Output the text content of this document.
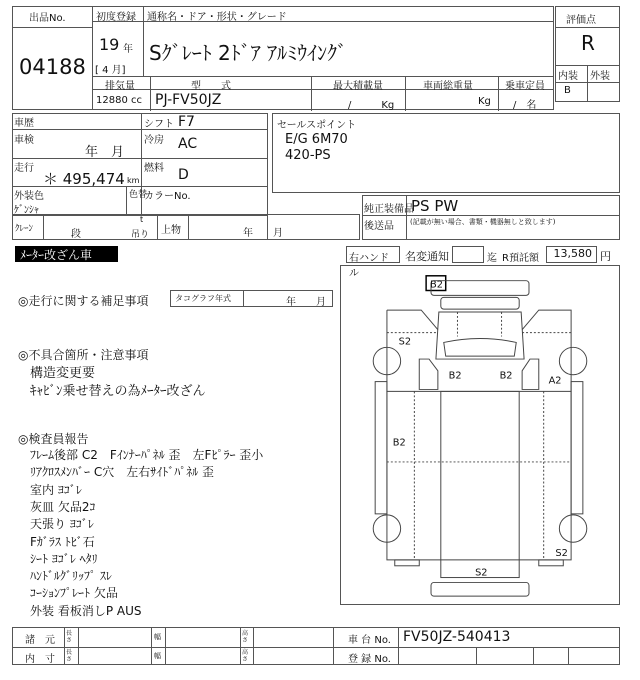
出品No.
04188
初度登録 通称名・ドア・形状・グレード
19 年
[ 4 月]
Sｸﾞﾚｰﾄ 2ﾄﾞｱ ｱﾙﾐｳｲﾝｸﾞ
排気量
12880 cc
型　　式
PJ-FV50JZ
最大積載量
/　　　Kg
車両総重量
Kg
乗車定員
/　名
評価点
R
内装 外装
B
車歴
車検
年　月
走行
＊ 495,474 km
シフト F7
冷房 AC
燃料 D
外装色
ｹﾞﾝｼｬ
色替
カラーNo.
ｸﾚｰﾝ	段
t
吊り 上物	年　　月
セールスポイント
E/G 6M70
420-PS
純正装備品
PS PW
後送品 (記載が無い場合、書類・機器無しと致します)
ﾒｰﾀｰ改ざん車	右ハンドル
名変通知	迄 R預託額	13,580 円
◎走行に関する補足事項	タコグラフ年式	年　　月
◎不具合箇所・注意事項
構造変更要
ｷｬﾋﾞﾝ乗せ替えの為ﾒｰﾀｰ改ざん
◎検査員報告
ﾌﾚｰﾑ後部 C2　Fｲﾝﾅｰﾊﾟﾈﾙ 歪　左Fﾋﾟﾗｰ 歪小
ﾘｱｸﾛｽﾒﾝﾊﾞｰ C穴　左右ｻｲﾄﾞﾊﾟﾈﾙ 歪
室内 ﾖｺﾞﾚ
灰皿 欠品2ｺ
天張り ﾖｺﾞﾚ
Fｶﾞﾗｽ ﾄﾋﾞ石
ｼｰﾄ ﾖｺﾞﾚ ﾍﾀﾘ
ﾊﾝﾄﾞﾙｸﾞﾘｯﾌﾟ ｽﾚ
ｺｰｼｮﾝﾌﾟﾚｰﾄ 欠品
外装 看板消しP AUS
B2
S2
B2	B2	A2
B2
S2
S2
諸　元
内　寸
長さ
長さ
幅
幅
高さ
高さ
車 台 No. FV50JZ-540413
登 録 No.
